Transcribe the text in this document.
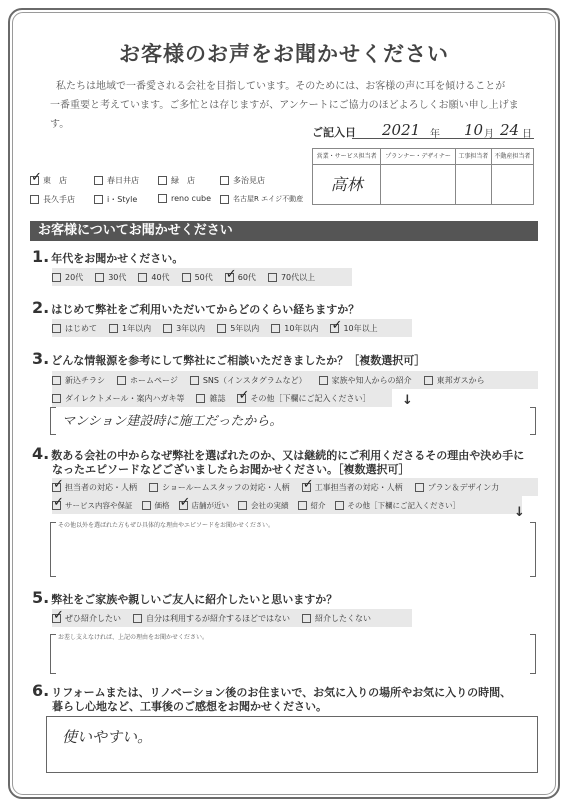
お客様のお声をお聞かせください
私たちは地域で一番愛される会社を目指しています。そのためには、お客様の声に耳を傾けることが
一番重要と考えています。ご多忙とは存じますが、アンケートにご協力のほどよろしくお願い申し上げます。
ご記入日 2021 年 10 月 24 日
営業・サービス担当者	プランナー・デザイナー	工事担当者	不動産担当者
高林			
✓
東　店	春日井店	緑　店	多治見店
長久手店	i・Style	reno cube	名古屋R エイジ不動産
お客様についてお聞かせください
1. 年代をお聞かせください。
20代	30代	40代	50代 ✓	60代	70代以上
2. はじめて弊社をご利用いただいてからどのくらい経ちますか？
はじめて	1年以内	3年以内	5年以内	10年以内 ✓	10年以上
3. どんな情報源を参考にして弊社にご相談いただきましたか？［複数選択可］
新込チラシ	ホームページ	SNS（インスタグラムなど）	家族や知人からの紹介	東邦ガスから
ダイレクトメール・案内ハガキ等	雑誌 ✓	その他［下欄にご記入ください］ ↓
マンション建設時に施工だったから。
4. 数ある会社の中からなぜ弊社を選ばれたのか、又は継続的にご利用くださるその理由や決め手に
なったエピソードなどございましたらお聞かせください。［複数選択可］
✓
担当者の対応・人柄	ショールームスタッフの対応・人柄 ✓	工事担当者の対応・人柄	プラン＆デザイン力
✓
サービス内容や保証	価格 ✓	店舗が近い	会社の実績	紹介	その他［下欄にご記入ください］	↓
その他以外を選ばれた方もぜひ具体的な理由やエピソードをお聞かせください。
5. 弊社をご家族や親しいご友人に紹介したいと思いますか？
✓
ぜひ紹介したい	自分は利用するが紹介するほどではない	紹介したくない
お差し支えなければ、上記の理由をお聞かせください。
6. リフォームまたは、リノベーション後のお住まいで、お気に入りの場所やお気に入りの時間、
暮らし心地など、工事後のご感想をお聞かせください。
使いやすい。
